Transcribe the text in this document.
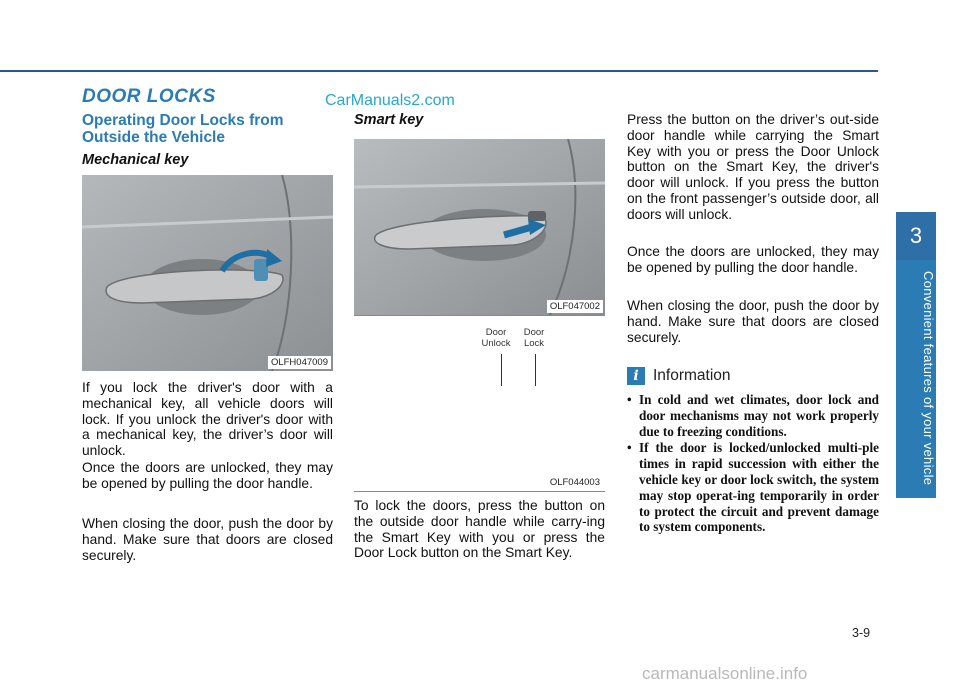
DOOR LOCKS	CarManuals2.com
Operating Door Locks from Outside the Vehicle
Mechanical key
OLFH047009
If you lock the driver's door with a mechanical key, all vehicle doors will lock. If you unlock the driver's door with a mechanical key, the driver’s door will unlock.
Once the doors are unlocked, they may be opened by pulling the door handle.
When closing the door, push the door by hand. Make sure that doors are closed securely.
Smart key
OLF047002
Door Unlock
Door Lock
OLF044003
To lock the doors, press the button on the outside door handle while carry-ing the Smart Key with you or press the Door Lock button on the Smart Key.
Press the button on the driver’s out-side door handle while carrying the Smart Key with you or press the Door Unlock button on the Smart Key, the driver's door will unlock. If you press the button on the front passenger’s outside door, all doors will unlock.
Once the doors are unlocked, they may be opened by pulling the door handle.
When closing the door, push the door by hand. Make sure that doors are closed securely.
i Information
• In cold and wet climates, door lock and door mechanisms may not work properly due to freezing conditions.
• If the door is locked/unlocked multi-ple times in rapid succession with either the vehicle key or door lock switch, the system may stop operat-ing temporarily in order to protect the circuit and prevent damage to system components.
3
Convenient features of your vehicle
3-9
carmanualsonline.info
